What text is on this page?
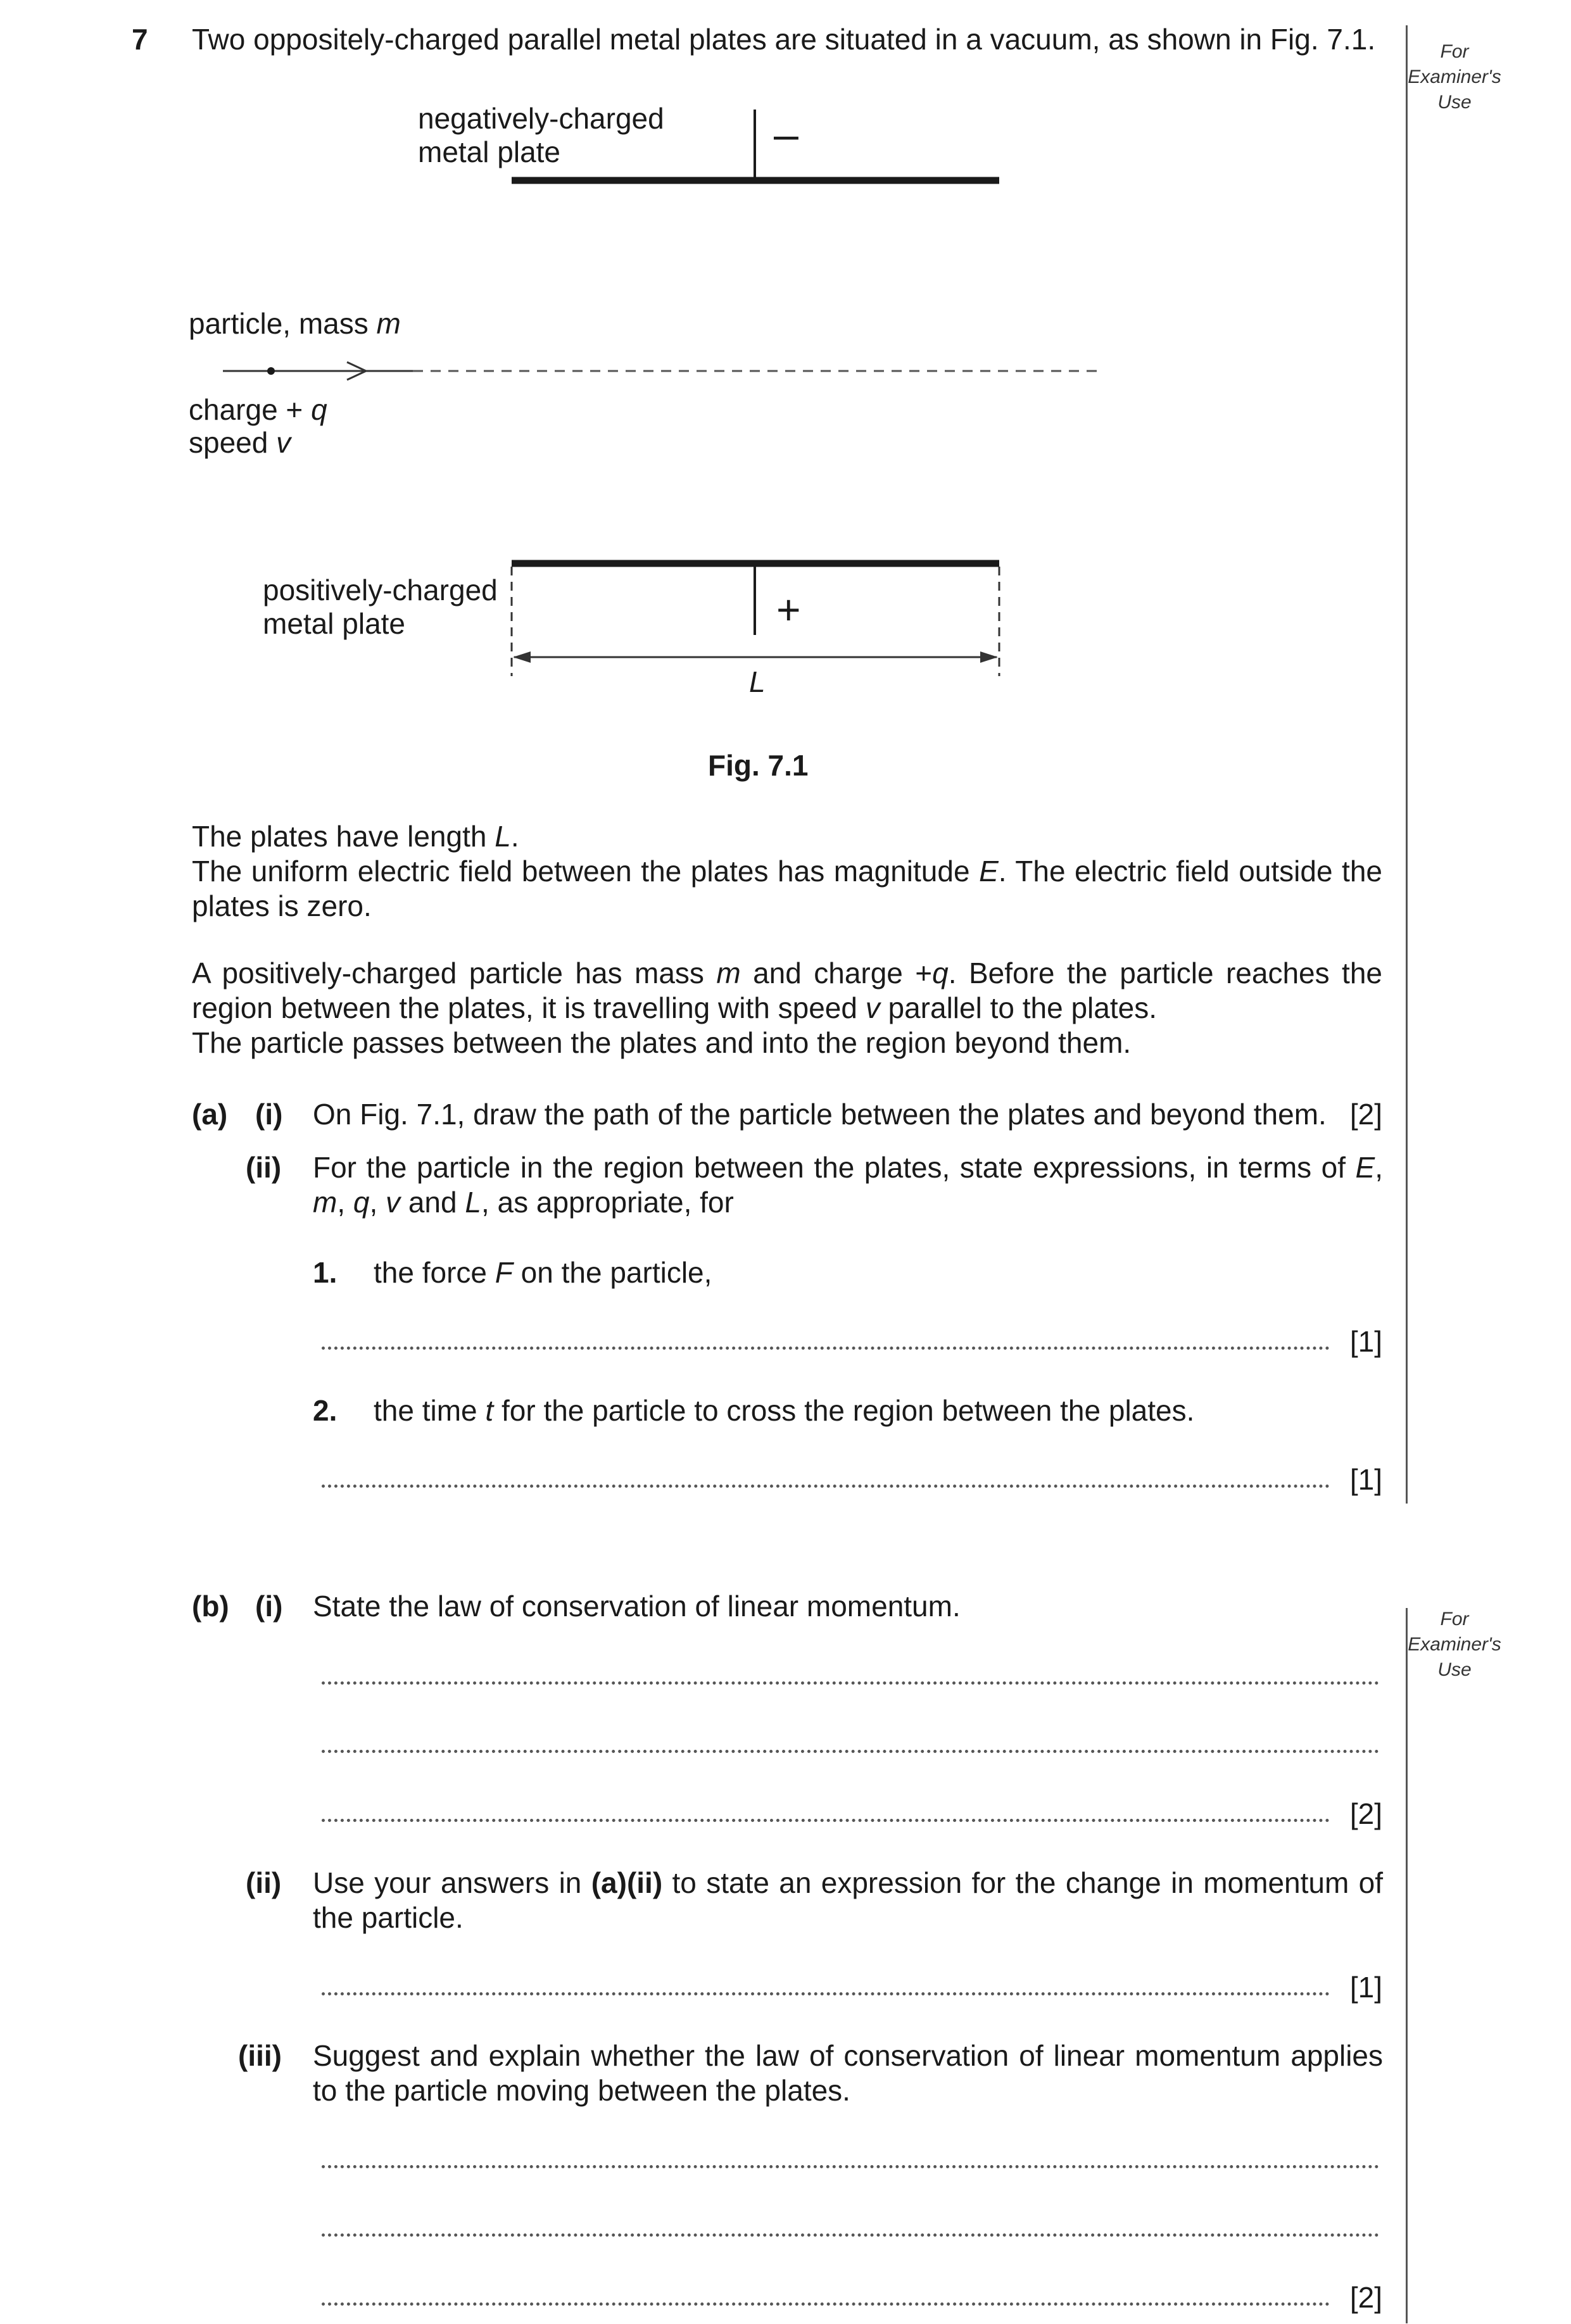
7 Two oppositely-charged parallel metal plates are situated in a vacuum, as shown in Fig. 7.1.	For
Examiner's
Use
negatively-charged
metal plate	–
particle, mass m
charge + q
speed v
positively-charged
metal plate	+
L
Fig. 7.1
The plates have length L.
The uniform electric field between the plates has magnitude E. The electric field outside the plates is zero.
A positively-charged particle has mass m and charge +q. Before the particle reaches the region between the plates, it is travelling with speed v parallel to the plates.
The particle passes between the plates and into the region beyond them.
(a) (i) On Fig. 7.1, draw the path of the particle between the plates and beyond them. [2]
(ii) For the particle in the region between the plates, state expressions, in terms of E, m, q, v and L, as appropriate, for
1. the force F on the particle,
[1]
2. the time t for the particle to cross the region between the plates.
[1]
For
Examiner's
Use
(b) (i) State the law of conservation of linear momentum.
[2]
(ii) Use your answers in (a)(ii) to state an expression for the change in momentum of the particle.
[1]
(iii) Suggest and explain whether the law of conservation of linear momentum applies to the particle moving between the plates.
[2]
